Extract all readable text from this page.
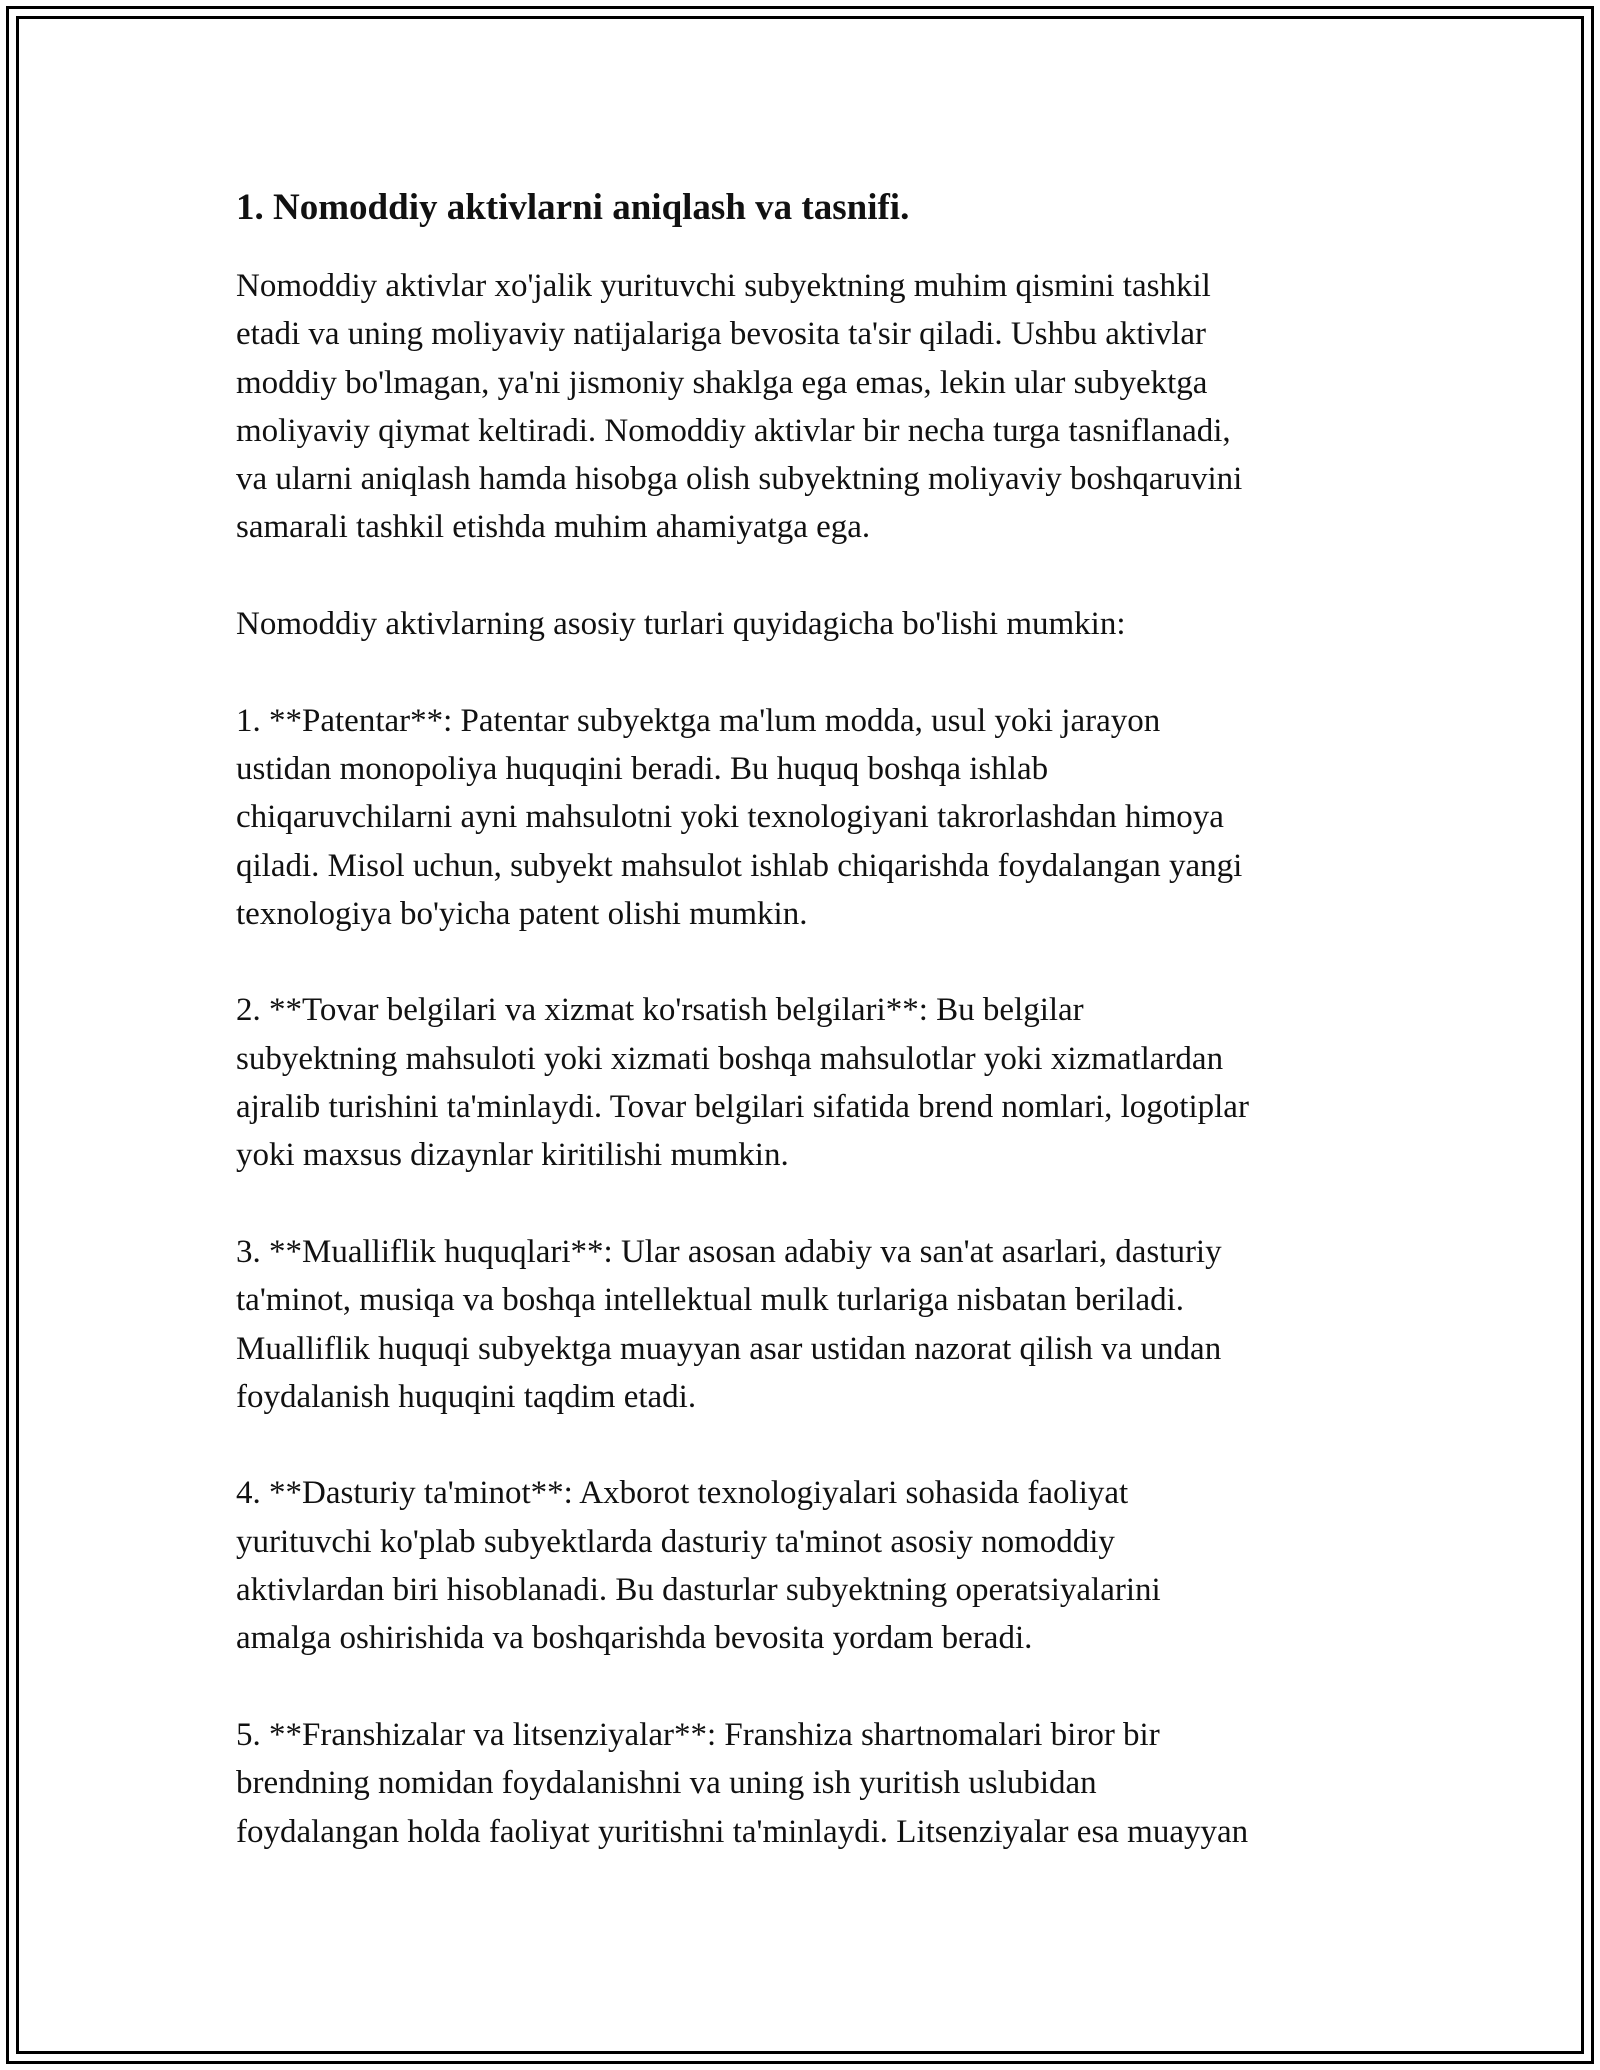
1. Nomoddiy aktivlarni aniqlash va tasnifi.

Nomoddiy aktivlar xo'jalik yurituvchi subyektning muhim qismini tashkil
etadi va uning moliyaviy natijalariga bevosita ta'sir qiladi. Ushbu aktivlar
moddiy bo'lmagan, ya'ni jismoniy shaklga ega emas, lekin ular subyektga
moliyaviy qiymat keltiradi. Nomoddiy aktivlar bir necha turga tasniflanadi,
va ularni aniqlash hamda hisobga olish subyektning moliyaviy boshqaruvini
samarali tashkil etishda muhim ahamiyatga ega.

Nomoddiy aktivlarning asosiy turlari quyidagicha bo'lishi mumkin:

1. **Patentar**: Patentar subyektga ma'lum modda, usul yoki jarayon
ustidan monopoliya huquqini beradi. Bu huquq boshqa ishlab
chiqaruvchilarni ayni mahsulotni yoki texnologiyani takrorlashdan himoya
qiladi. Misol uchun, subyekt mahsulot ishlab chiqarishda foydalangan yangi
texnologiya bo'yicha patent olishi mumkin.

2. **Tovar belgilari va xizmat ko'rsatish belgilari**: Bu belgilar
subyektning mahsuloti yoki xizmati boshqa mahsulotlar yoki xizmatlardan
ajralib turishini ta'minlaydi. Tovar belgilari sifatida brend nomlari, logotiplar
yoki maxsus dizaynlar kiritilishi mumkin.

3. **Mualliflik huquqlari**: Ular asosan adabiy va san'at asarlari, dasturiy
ta'minot, musiqa va boshqa intellektual mulk turlariga nisbatan beriladi.
Mualliflik huquqi subyektga muayyan asar ustidan nazorat qilish va undan
foydalanish huquqini taqdim etadi.

4. **Dasturiy ta'minot**: Axborot texnologiyalari sohasida faoliyat
yurituvchi ko'plab subyektlarda dasturiy ta'minot asosiy nomoddiy
aktivlardan biri hisoblanadi. Bu dasturlar subyektning operatsiyalarini
amalga oshirishida va boshqarishda bevosita yordam beradi.

5. **Franshizalar va litsenziyalar**: Franshiza shartnomalari biror bir
brendning nomidan foydalanishni va uning ish yuritish uslubidan
foydalangan holda faoliyat yuritishni ta'minlaydi. Litsenziyalar esa muayyan
